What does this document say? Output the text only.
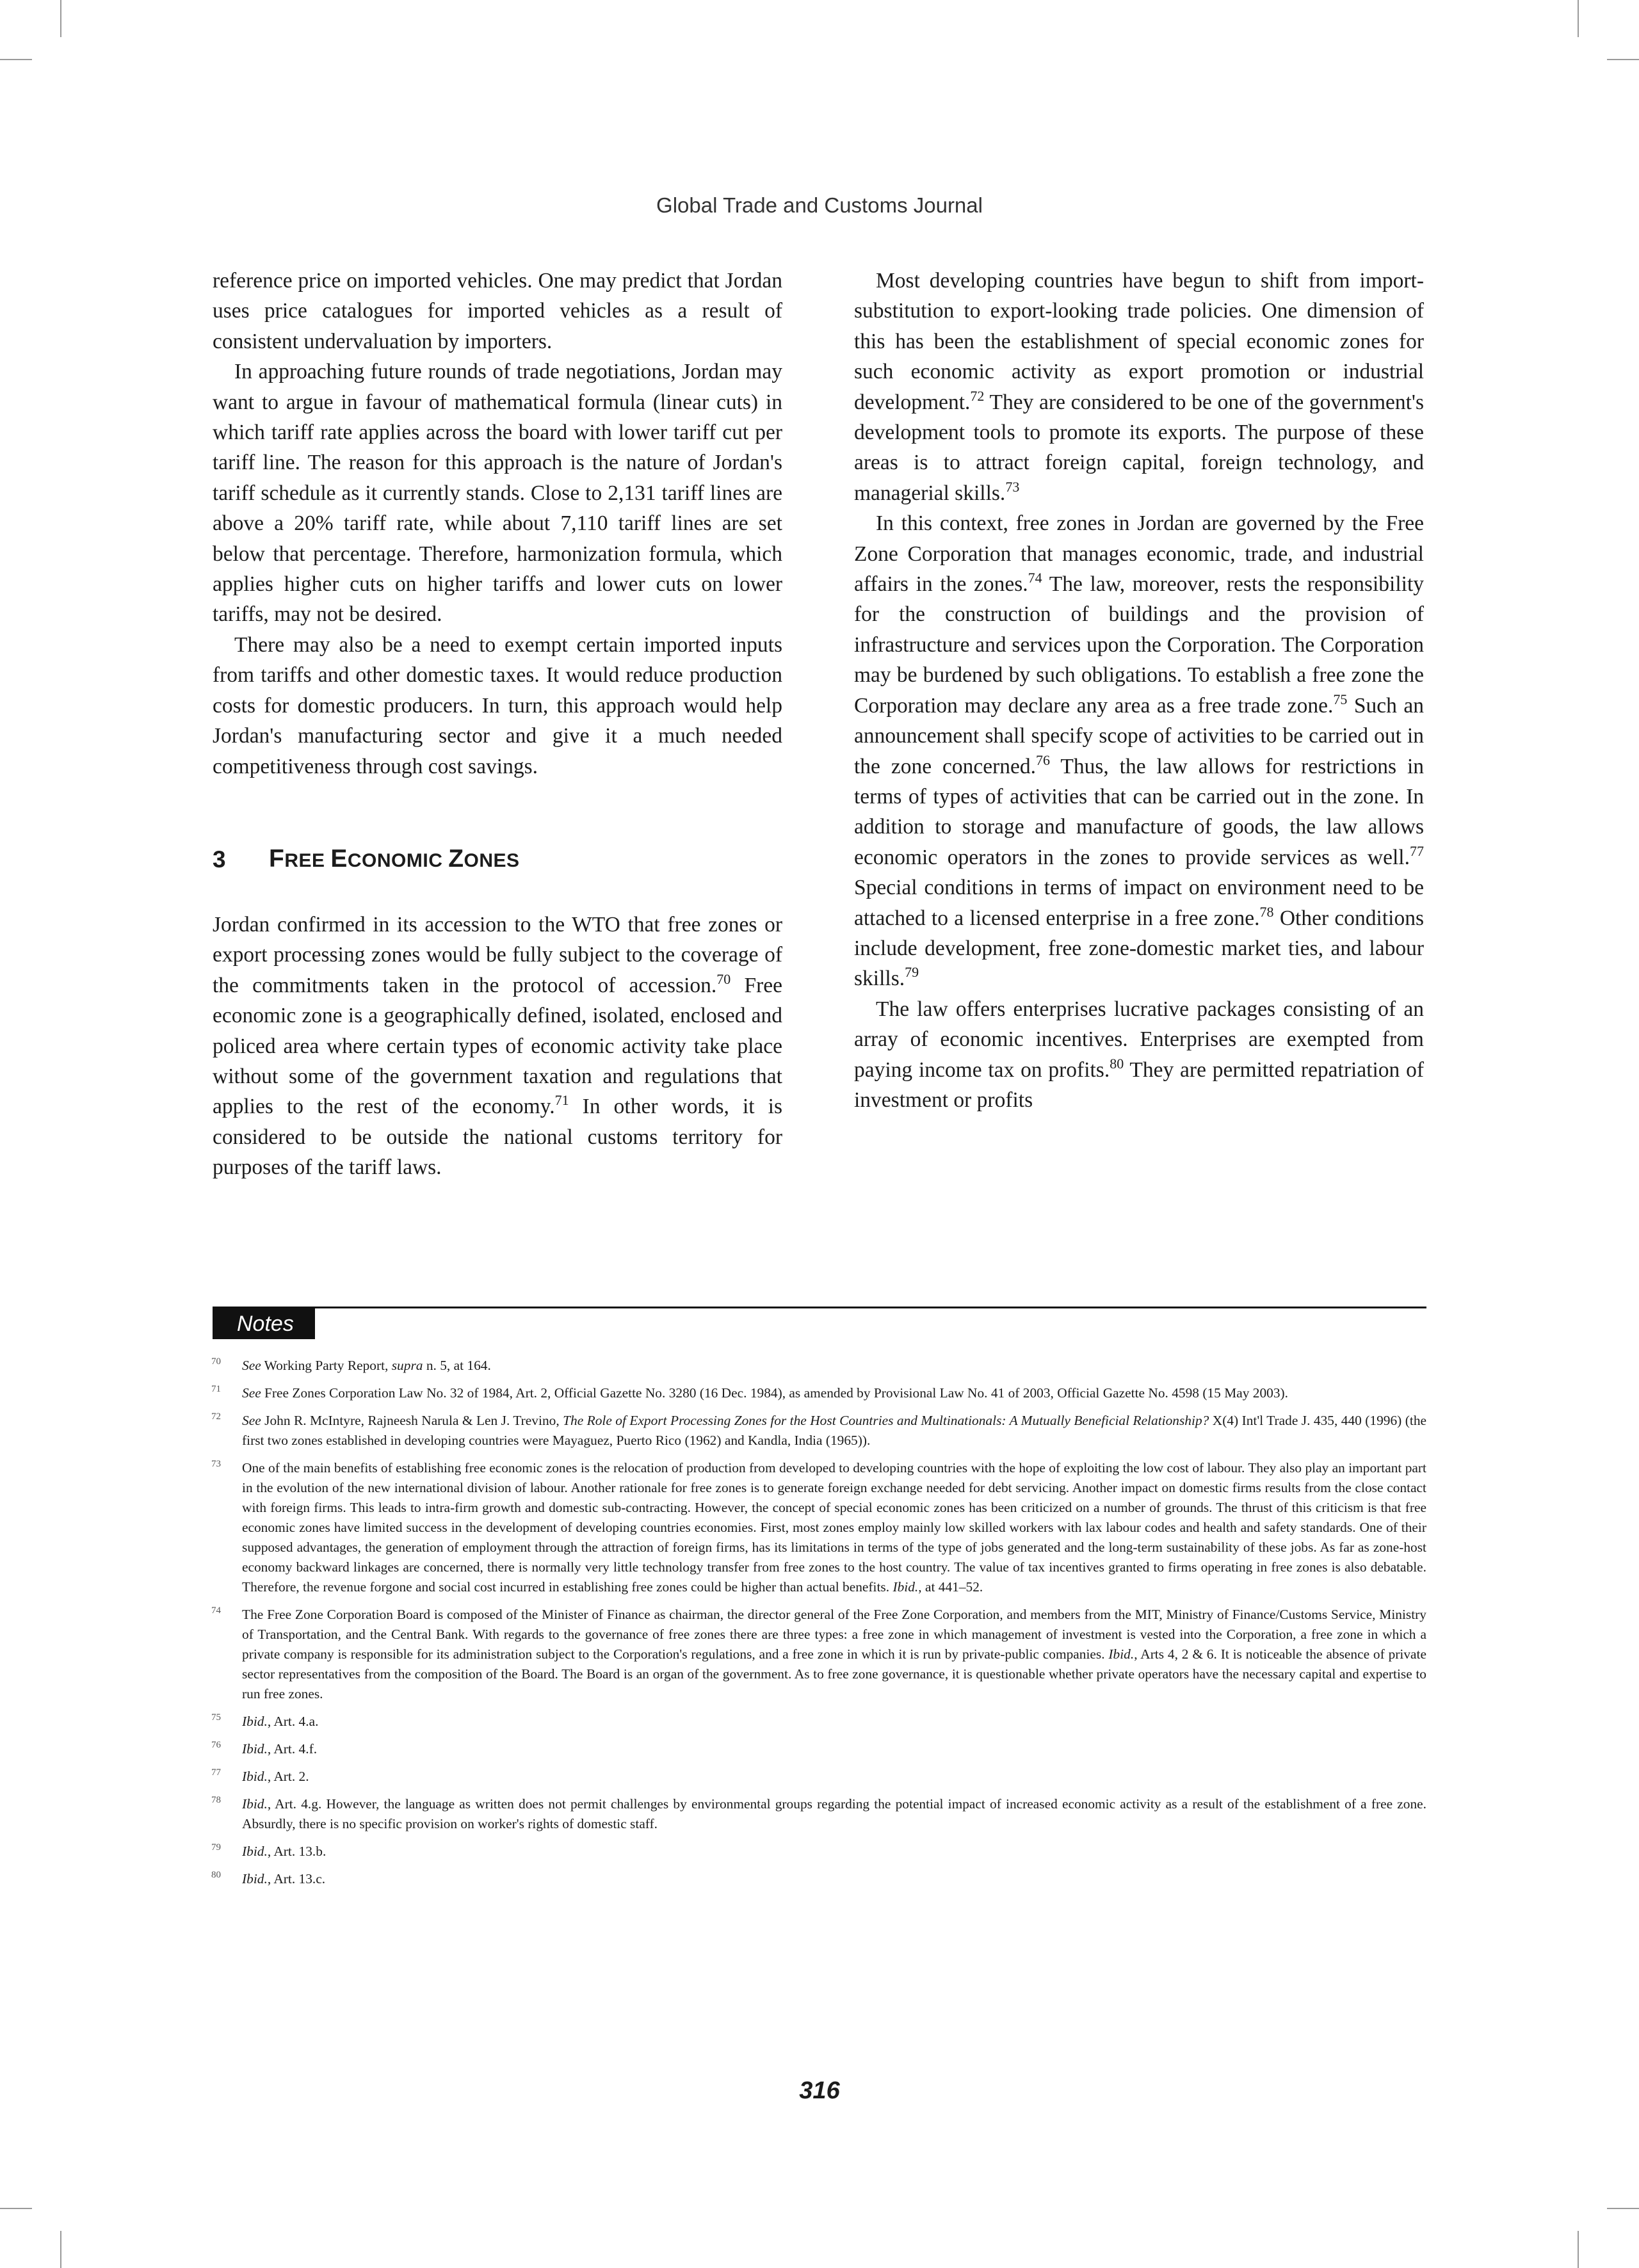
Global Trade and Customs Journal

reference price on imported vehicles. One may predict that Jordan uses price catalogues for imported vehicles as a result of consistent undervaluation by importers.

In approaching future rounds of trade negotiations, Jordan may want to argue in favour of mathematical formula (linear cuts) in which tariff rate applies across the board with lower tariff cut per tariff line. The reason for this approach is the nature of Jordan's tariff schedule as it currently stands. Close to 2,131 tariff lines are above a 20% tariff rate, while about 7,110 tariff lines are set below that percentage. Therefore, harmonization formula, which applies higher cuts on higher tariffs and lower cuts on lower tariffs, may not be desired.

There may also be a need to exempt certain imported inputs from tariffs and other domestic taxes. It would reduce production costs for domestic producers. In turn, this approach would help Jordan's manufacturing sector and give it a much needed competitiveness through cost savings.

3	FREE ECONOMIC ZONES

Jordan confirmed in its accession to the WTO that free zones or export processing zones would be fully subject to the coverage of the commitments taken in the protocol of accession.$^{70}$ Free economic zone is a geographically defined, isolated, enclosed and policed area where certain types of economic activity take place without some of the government taxation and regulations that applies to the rest of the economy.$^{71}$ In other words, it is considered to be outside the national customs territory for purposes of the tariff laws.

Most developing countries have begun to shift from import-substitution to export-looking trade policies. One dimension of this has been the establishment of special economic zones for such economic activity as export promotion or industrial development.$^{72}$ They are considered to be one of the government's development tools to promote its exports. The purpose of these areas is to attract foreign capital, foreign technology, and managerial skills.$^{73}$

In this context, free zones in Jordan are governed by the Free Zone Corporation that manages economic, trade, and industrial affairs in the zones.$^{74}$ The law, moreover, rests the responsibility for the construction of buildings and the provision of infrastructure and services upon the Corporation. The Corporation may be burdened by such obligations. To establish a free zone the Corporation may declare any area as a free trade zone.$^{75}$ Such an announcement shall specify scope of activities to be carried out in the zone concerned.$^{76}$ Thus, the law allows for restrictions in terms of types of activities that can be carried out in the zone. In addition to storage and manufacture of goods, the law allows economic operators in the zones to provide services as well.$^{77}$ Special conditions in terms of impact on environment need to be attached to a licensed enterprise in a free zone.$^{78}$ Other conditions include development, free zone-domestic market ties, and labour skills.$^{79}$

The law offers enterprises lucrative packages consisting of an array of economic incentives. Enterprises are exempted from paying income tax on profits.$^{80}$ They are permitted repatriation of investment or profits

Notes
70 See Working Party Report, supra n. 5, at 164.
71 See Free Zones Corporation Law No. 32 of 1984, Art. 2, Official Gazette No. 3280 (16 Dec. 1984), as amended by Provisional Law No. 41 of 2003, Official Gazette No. 4598 (15 May 2003).
72 See John R. McIntyre, Rajneesh Narula & Len J. Trevino, The Role of Export Processing Zones for the Host Countries and Multinationals: A Mutually Beneficial Relationship? X(4) Int'l Trade J. 435, 440 (1996) (the first two zones established in developing countries were Mayaguez, Puerto Rico (1962) and Kandla, India (1965)).
73 One of the main benefits of establishing free economic zones is the relocation of production from developed to developing countries with the hope of exploiting the low cost of labour. They also play an important part in the evolution of the new international division of labour. Another rationale for free zones is to generate foreign exchange needed for debt servicing. Another impact on domestic firms results from the close contact with foreign firms. This leads to intra-firm growth and domestic sub-contracting. However, the concept of special economic zones has been criticized on a number of grounds. The thrust of this criticism is that free economic zones have limited success in the development of developing countries economies. First, most zones employ mainly low skilled workers with lax labour codes and health and safety standards. One of their supposed advantages, the generation of employment through the attraction of foreign firms, has its limitations in terms of the type of jobs generated and the long-term sustainability of these jobs. As far as zone-host economy backward linkages are concerned, there is normally very little technology transfer from free zones to the host country. The value of tax incentives granted to firms operating in free zones is also debatable. Therefore, the revenue forgone and social cost incurred in establishing free zones could be higher than actual benefits. Ibid., at 441–52.
74 The Free Zone Corporation Board is composed of the Minister of Finance as chairman, the director general of the Free Zone Corporation, and members from the MIT, Ministry of Finance/Customs Service, Ministry of Transportation, and the Central Bank. With regards to the governance of free zones there are three types: a free zone in which management of investment is vested into the Corporation, a free zone in which a private company is responsible for its administration subject to the Corporation's regulations, and a free zone in which it is run by private-public companies. Ibid., Arts 4, 2 & 6. It is noticeable the absence of private sector representatives from the composition of the Board. The Board is an organ of the government. As to free zone governance, it is questionable whether private operators have the necessary capital and expertise to run free zones.
75 Ibid., Art. 4.a.
76 Ibid., Art. 4.f.
77 Ibid., Art. 2.
78 Ibid., Art. 4.g. However, the language as written does not permit challenges by environmental groups regarding the potential impact of increased economic activity as a result of the establishment of a free zone. Absurdly, there is no specific provision on worker's rights of domestic staff.
79 Ibid., Art. 13.b.
80 Ibid., Art. 13.c.
316
